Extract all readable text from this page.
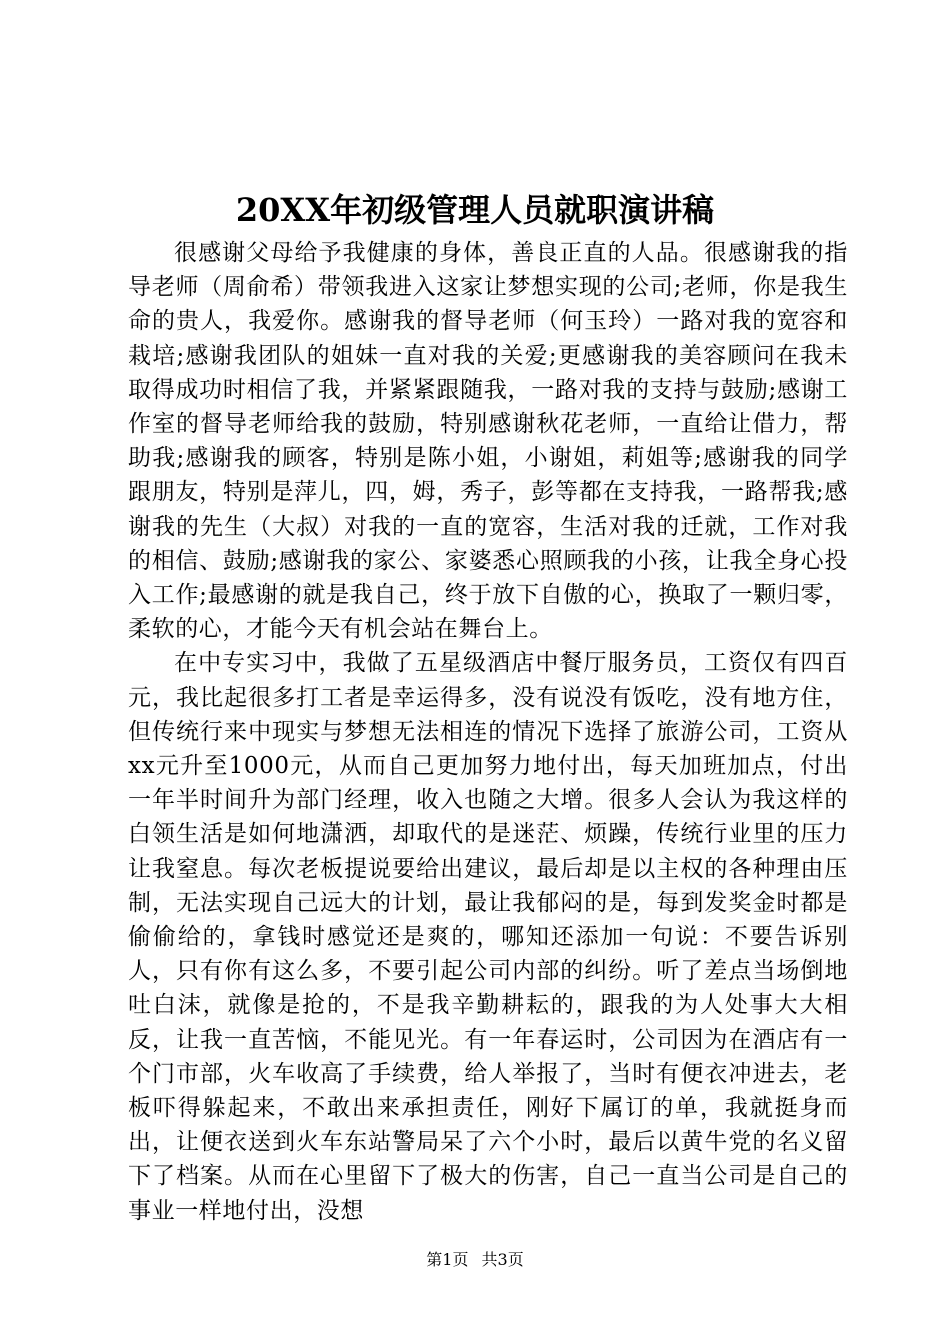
20XX年初级管理人员就职演讲稿

很感谢父母给予我健康的身体，善良正直的人品。很感谢我的指导老师（周俞希）带领我进入这家让梦想实现的公司;老师，你是我生命的贵人，我爱你。感谢我的督导老师（何玉玲）一路对我的宽容和栽培;感谢我团队的姐妹一直对我的关爱;更感谢我的美容顾问在我未取得成功时相信了我，并紧紧跟随我，一路对我的支持与鼓励;感谢工作室的督导老师给我的鼓励，特别感谢秋花老师，一直给让借力，帮助我;感谢我的顾客，特别是陈小姐，小谢姐，莉姐等;感谢我的同学跟朋友，特别是萍儿，四，姆，秀子，彭等都在支持我，一路帮我;感谢我的先生（大叔）对我的一直的宽容，生活对我的迁就，工作对我的相信、鼓励;感谢我的家公、家婆悉心照顾我的小孩，让我全身心投入工作;最感谢的就是我自己，终于放下自傲的心，换取了一颗归零，柔软的心，才能今天有机会站在舞台上。

在中专实习中，我做了五星级酒店中餐厅服务员，工资仅有四百元，我比起很多打工者是幸运得多，没有说没有饭吃，没有地方住，但传统行来中现实与梦想无法相连的情况下选择了旅游公司，工资从xx元升至1000元，从而自己更加努力地付出，每天加班加点，付出一年半时间升为部门经理，收入也随之大增。很多人会认为我这样的白领生活是如何地潇洒，却取代的是迷茫、烦躁，传统行业里的压力让我窒息。每次老板提说要给出建议，最后却是以主权的各种理由压制，无法实现自己远大的计划，最让我郁闷的是，每到发奖金时都是偷偷给的，拿钱时感觉还是爽的，哪知还添加一句说：不要告诉别人，只有你有这么多，不要引起公司内部的纠纷。听了差点当场倒地吐白沫，就像是抢的，不是我辛勤耕耘的，跟我的为人处事大大相反，让我一直苦恼，不能见光。有一年春运时，公司因为在酒店有一个门市部，火车收高了手续费，给人举报了，当时有便衣冲进去，老板吓得躲起来，不敢出来承担责任，刚好下属订的单，我就挺身而出，让便衣送到火车东站警局呆了六个小时，最后以黄牛党的名义留下了档案。从而在心里留下了极大的伤害，自己一直当公司是自己的事业一样地付出，没想

第1页 共3页
